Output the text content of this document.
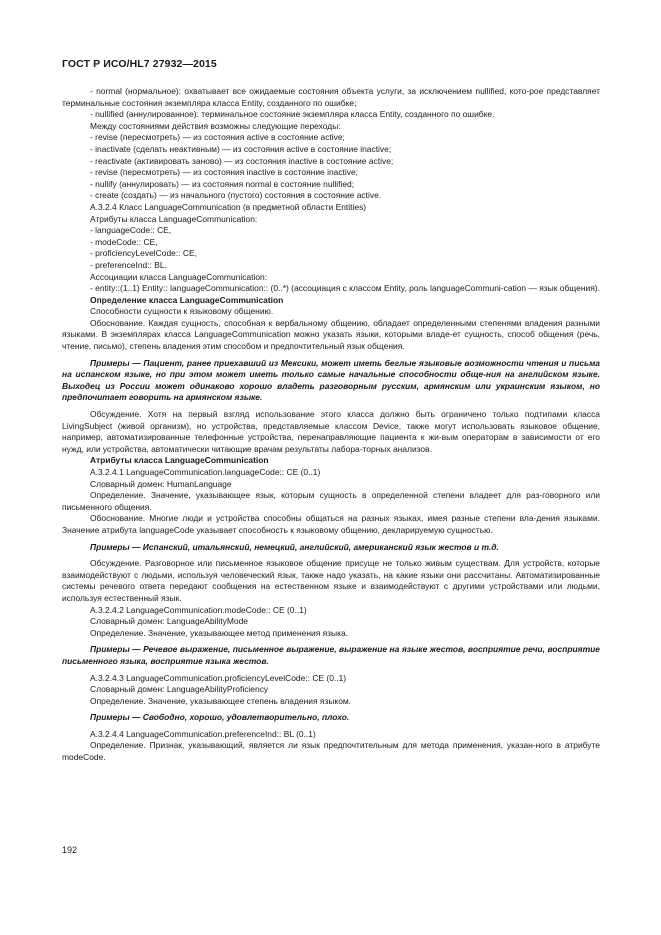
ГОСТ Р ИСО/HL7 27932—2015

- normal (нормальное): охватывает все ожидаемые состояния объекта услуги, за исключением nullified, кото-рое представляет терминальные состояния экземпляра класса Entity, созданного по ошибке;

- nullified (аннулированное): терминальное состояние экземпляра класса Entity, созданного по ошибке.

Между состояниями действия возможны следующие переходы:

- revise (пересмотреть) — из состояния active в состояние active;

- inactivate (сделать неактивным) — из состояния active в состояние inactive;

- reactivate (активировать заново) — из состояния inactive в состояние active;

- revise (пересмотреть) — из состояния inactive в состояние inactive;

- nullify (аннулировать) — из состояния normal в состояние nullified;

- create (создать) — из начального (пустого) состояния в состояние active.

A.3.2.4 Класс LanguageCommunication (в предметной области Entities)

Атрибуты класса LanguageCommunication:

- languageCode:: CE,

- modeCode:: CE,

- proficiencyLevelCode:: CE,

- preferenceInd:: BL.

Ассоциации класса LanguageCommunication:

- entity::(1..1) Entity:: languageCommunication:: (0..*) (ассоциация с классом Entity, роль languageCommuni-cation — язык общения).

Определение класса LanguageCommunication

Способности сущности к языковому общению.

Обоснование. Каждая сущность, способная к вербальному общению, обладает определенными степенями владения разными языками. В экземплярах класса LanguageCommunication можно указать языки, которыми владе-ет сущность, способ общения (речь, чтение, письмо), степень владения этим способом и предпочтительный язык общения.

Примеры — Пациент, ранее приехавший из Мексики, может иметь беглые языковые возможности чтения и письма на испанском языке, но при этом может иметь только самые начальные способности обще-ния на английском языке. Выходец из России может одинаково хорошо владеть разговорным русским, армянским или украинским языком, но предпочитает говорить на армянском языке.

Обсуждение. Хотя на первый взгляд использование этого класса должно быть ограничено только подтипами класса LivingSubject (живой организм), но устройства, представляемые классом Device, также могут использовать языковое общение, например, автоматизированные телефонные устройства, перенаправляющие пациента к жи-вым операторам в зависимости от его нужд, или устройства, автоматически читающие врачам результаты лабора-торных анализов.

Атрибуты класса LanguageCommunication

A.3.2.4.1 LanguageCommunication.languageCode:: CE (0..1)

Словарный домен: HumanLanguage

Определение. Значение, указывающее язык, которым сущность в определенной степени владеет для раз-говорного или письменного общения.

Обоснование. Многие люди и устройства способны общаться на разных языках, имея разные степени вла-дения языками. Значение атрибута languageCode указывает способность к языковому общению, декларируемую сущностью.

Примеры — Испанский, итальянский, немецкий, английский, американский язык жестов и т.д.

Обсуждение. Разговорное или письменное языковое общение присуще не только живым существам. Для устройств, которые взаимодействуют с людьми, используя человеческий язык, также надо указать, на какие языки они рассчитаны. Автоматизированные системы речевого ответа передают сообщения на естественном языке и взаимодействуют с другими устройствами или людьми, используя естественный язык.

A.3.2.4.2 LanguageCommunication.modeCode:: CE (0..1)

Словарный домен: LanguageAbilityMode

Определение. Значение, указывающее метод применения языка.

Примеры — Речевое выражение, письменное выражение, выражение на языке жестов, восприятие речи, восприятие письменного языка, восприятие языка жестов.

A.3.2.4.3 LanguageCommunication.proficiencyLevelCode:: CE (0..1)

Словарный домен: LanguageAbilityProficiency

Определение. Значение, указывающее степень владения языком.

Примеры — Свободно, хорошо, удовлетворительно, плохо.

A.3.2.4.4 LanguageCommunication.preferenceInd:: BL (0..1)

Определение. Признак, указывающий, является ли язык предпочтительным для метода применения, указан-ного в атрибуте modeCode.

192
